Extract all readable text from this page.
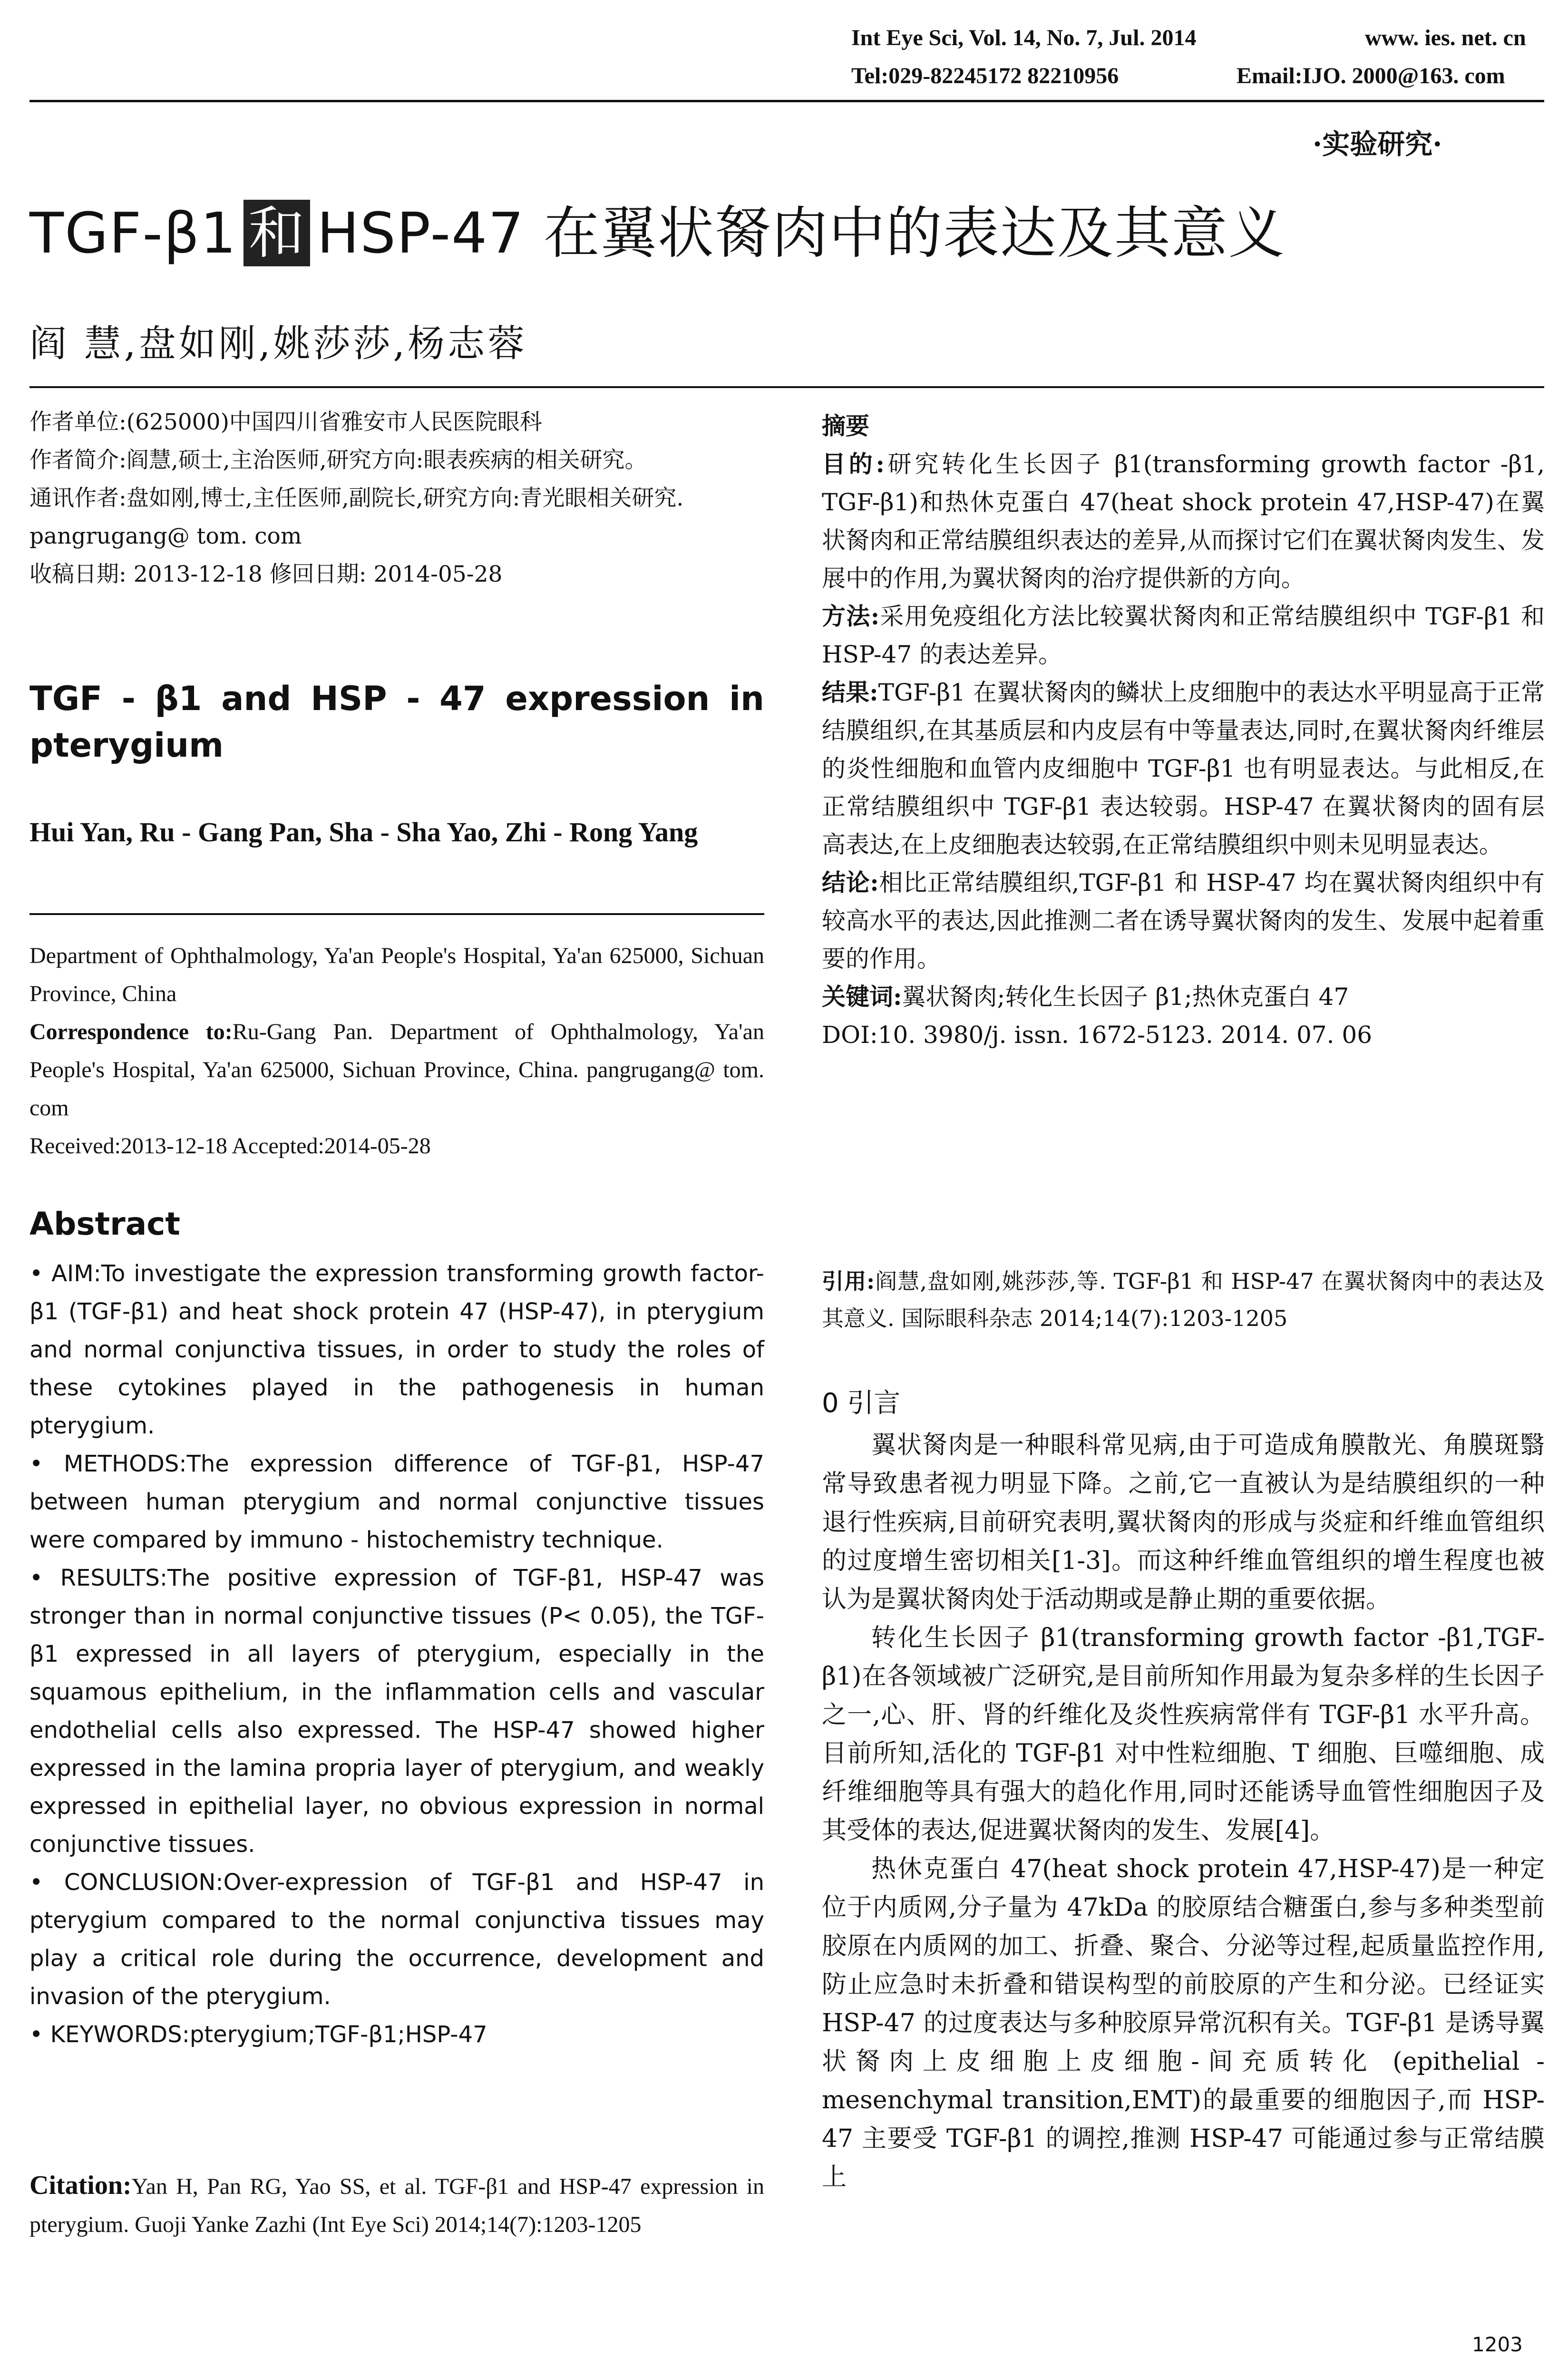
Int Eye Sci, Vol. 14, No. 7, Jul. 2014	www. ies. net. cn
Tel:029-82245172 82210956	Email:IJO. 2000@163. com
·实验研究·
TGF-β1 和 HSP-47 在翼状胬肉中的表达及其意义
阎 慧,盘如刚,姚莎莎,杨志蓉

作者单位:(625000)中国四川省雅安市人民医院眼科

作者简介:阎慧,硕士,主治医师,研究方向:眼表疾病的相关研究。

通讯作者:盘如刚,博士,主任医师,副院长,研究方向:青光眼相关研究. pangrugang@ tom. com

收稿日期: 2013-12-18 修回日期: 2014-05-28

TGF - β1 and HSP - 47 expression in pterygium
Hui Yan, Ru - Gang Pan, Sha - Sha Yao, Zhi - Rong Yang
Department of Ophthalmology, Ya'an People's Hospital, Ya'an 625000, Sichuan Province, China
Correspondence to:Ru-Gang Pan. Department of Ophthalmology, Ya'an People's Hospital, Ya'an 625000, Sichuan Province, China. pangrugang@ tom. com
Received:2013-12-18 Accepted:2014-05-28
Abstract

• AIM:To investigate the expression transforming growth factor-β1 (TGF-β1) and heat shock protein 47 (HSP-47), in pterygium and normal conjunctiva tissues, in order to study the roles of these cytokines played in the pathogenesis in human pterygium.

• METHODS:The expression difference of TGF-β1, HSP-47 between human pterygium and normal conjunctive tissues were compared by immuno - histochemistry technique.

• RESULTS:The positive expression of TGF-β1, HSP-47 was stronger than in normal conjunctive tissues (P< 0.05), the TGF-β1 expressed in all layers of pterygium, especially in the squamous epithelium, in the inflammation cells and vascular endothelial cells also expressed. The HSP-47 showed higher expressed in the lamina propria layer of pterygium, and weakly expressed in epithelial layer, no obvious expression in normal conjunctive tissues.

• CONCLUSION:Over-expression of TGF-β1 and HSP-47 in pterygium compared to the normal conjunctiva tissues may play a critical role during the occurrence, development and invasion of the pterygium.

• KEYWORDS:pterygium;TGF-β1;HSP-47

Citation:Yan H, Pan RG, Yao SS, et al. TGF-β1 and HSP-47 expression in pterygium. Guoji Yanke Zazhi (Int Eye Sci) 2014;14(7):1203-1205

摘要

目的:研究转化生长因子 β1(transforming growth factor -β1, TGF-β1)和热休克蛋白 47(heat shock protein 47,HSP-47)在翼状胬肉和正常结膜组织表达的差异,从而探讨它们在翼状胬肉发生、发展中的作用,为翼状胬肉的治疗提供新的方向。

方法:采用免疫组化方法比较翼状胬肉和正常结膜组织中 TGF-β1 和 HSP-47 的表达差异。

结果:TGF-β1 在翼状胬肉的鳞状上皮细胞中的表达水平明显高于正常结膜组织,在其基质层和内皮层有中等量表达,同时,在翼状胬肉纤维层的炎性细胞和血管内皮细胞中 TGF-β1 也有明显表达。与此相反,在正常结膜组织中 TGF-β1 表达较弱。HSP-47 在翼状胬肉的固有层高表达,在上皮细胞表达较弱,在正常结膜组织中则未见明显表达。

结论:相比正常结膜组织,TGF-β1 和 HSP-47 均在翼状胬肉组织中有较高水平的表达,因此推测二者在诱导翼状胬肉的发生、发展中起着重要的作用。

关键词:翼状胬肉;转化生长因子 β1;热休克蛋白 47

DOI:10. 3980/j. issn. 1672-5123. 2014. 07. 06

引用:阎慧,盘如刚,姚莎莎,等. TGF-β1 和 HSP-47 在翼状胬肉中的表达及其意义. 国际眼科杂志 2014;14(7):1203-1205
0 引言

翼状胬肉是一种眼科常见病,由于可造成角膜散光、角膜斑翳常导致患者视力明显下降。之前,它一直被认为是结膜组织的一种退行性疾病,目前研究表明,翼状胬肉的形成与炎症和纤维血管组织的过度增生密切相关[1-3]。而这种纤维血管组织的增生程度也被认为是翼状胬肉处于活动期或是静止期的重要依据。

转化生长因子 β1(transforming growth factor -β1,TGF-β1)在各领域被广泛研究,是目前所知作用最为复杂多样的生长因子之一,心、肝、肾的纤维化及炎性疾病常伴有 TGF-β1 水平升高。目前所知,活化的 TGF-β1 对中性粒细胞、T 细胞、巨噬细胞、成纤维细胞等具有强大的趋化作用,同时还能诱导血管性细胞因子及其受体的表达,促进翼状胬肉的发生、发展[4]。

热休克蛋白 47(heat shock protein 47,HSP-47)是一种定位于内质网,分子量为 47kDa 的胶原结合糖蛋白,参与多种类型前胶原在内质网的加工、折叠、聚合、分泌等过程,起质量监控作用,防止应急时未折叠和错误构型的前胶原的产生和分泌。已经证实 HSP-47 的过度表达与多种胶原异常沉积有关。TGF-β1 是诱导翼状胬肉上皮细胞上皮细胞-间充质转化 (epithelial - mesenchymal transition,EMT)的最重要的细胞因子,而 HSP-47 主要受 TGF-β1 的调控,推测 HSP-47 可能通过参与正常结膜上

1203
